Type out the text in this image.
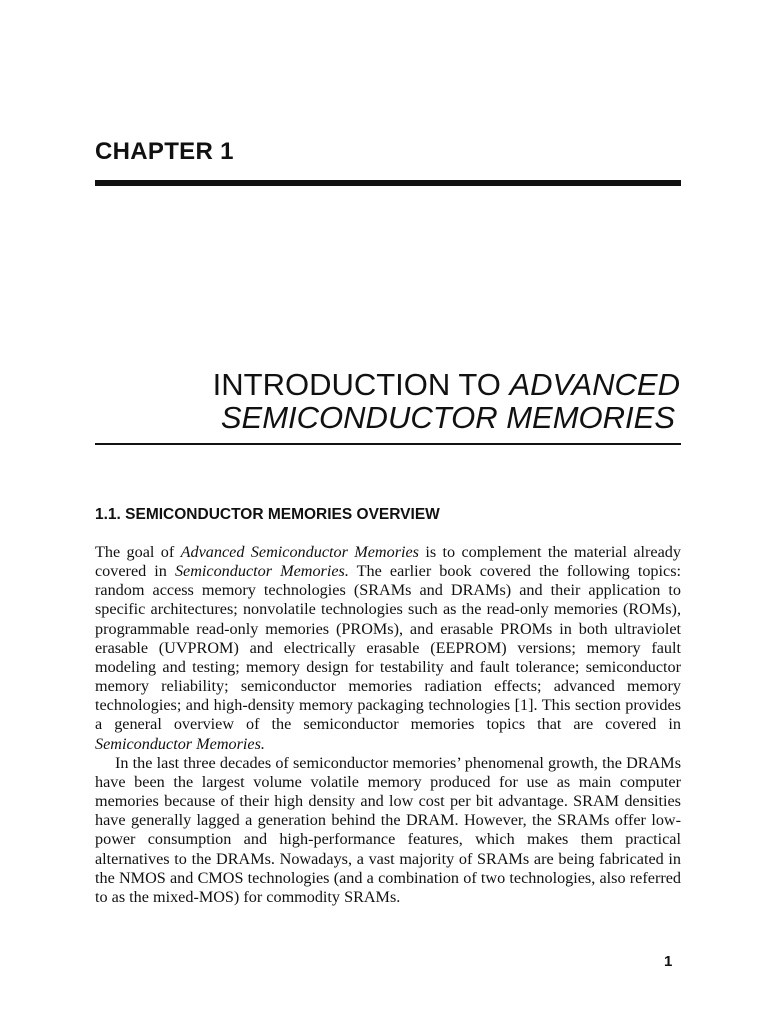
CHAPTER 1
INTRODUCTION TO ADVANCED
SEMICONDUCTOR MEMORIES
1.1. SEMICONDUCTOR MEMORIES OVERVIEW

The goal of Advanced Semiconductor Memories is to complement the material already covered in Semiconductor Memories. The earlier book covered the following topics: random access memory technologies (SRAMs and DRAMs) and their application to specific architectures; nonvolatile technologies such as the read-only memories (ROMs), programmable read-only memories (PROMs), and erasable PROMs in both ultraviolet erasable (UVPROM) and electrically erasable (EEPROM) versions; memory fault modeling and testing; memory design for testability and fault tolerance; semiconductor memory reliability; semiconductor memories radiation effects; advanced memory technologies; and high-density memory packaging technologies [1]. This section provides a general overview of the semiconductor memories topics that are covered in Semiconductor Memories.

In the last three decades of semiconductor memories’ phenomenal growth, the DRAMs have been the largest volume volatile memory produced for use as main computer memories because of their high density and low cost per bit advantage. SRAM densities have generally lagged a generation behind the DRAM. However, the SRAMs offer low-power consumption and high-performance features, which makes them practical alternatives to the DRAMs. Nowadays, a vast majority of SRAMs are being fabricated in the NMOS and CMOS technologies (and a combination of two technologies, also referred to as the mixed-MOS) for commodity SRAMs.

1
